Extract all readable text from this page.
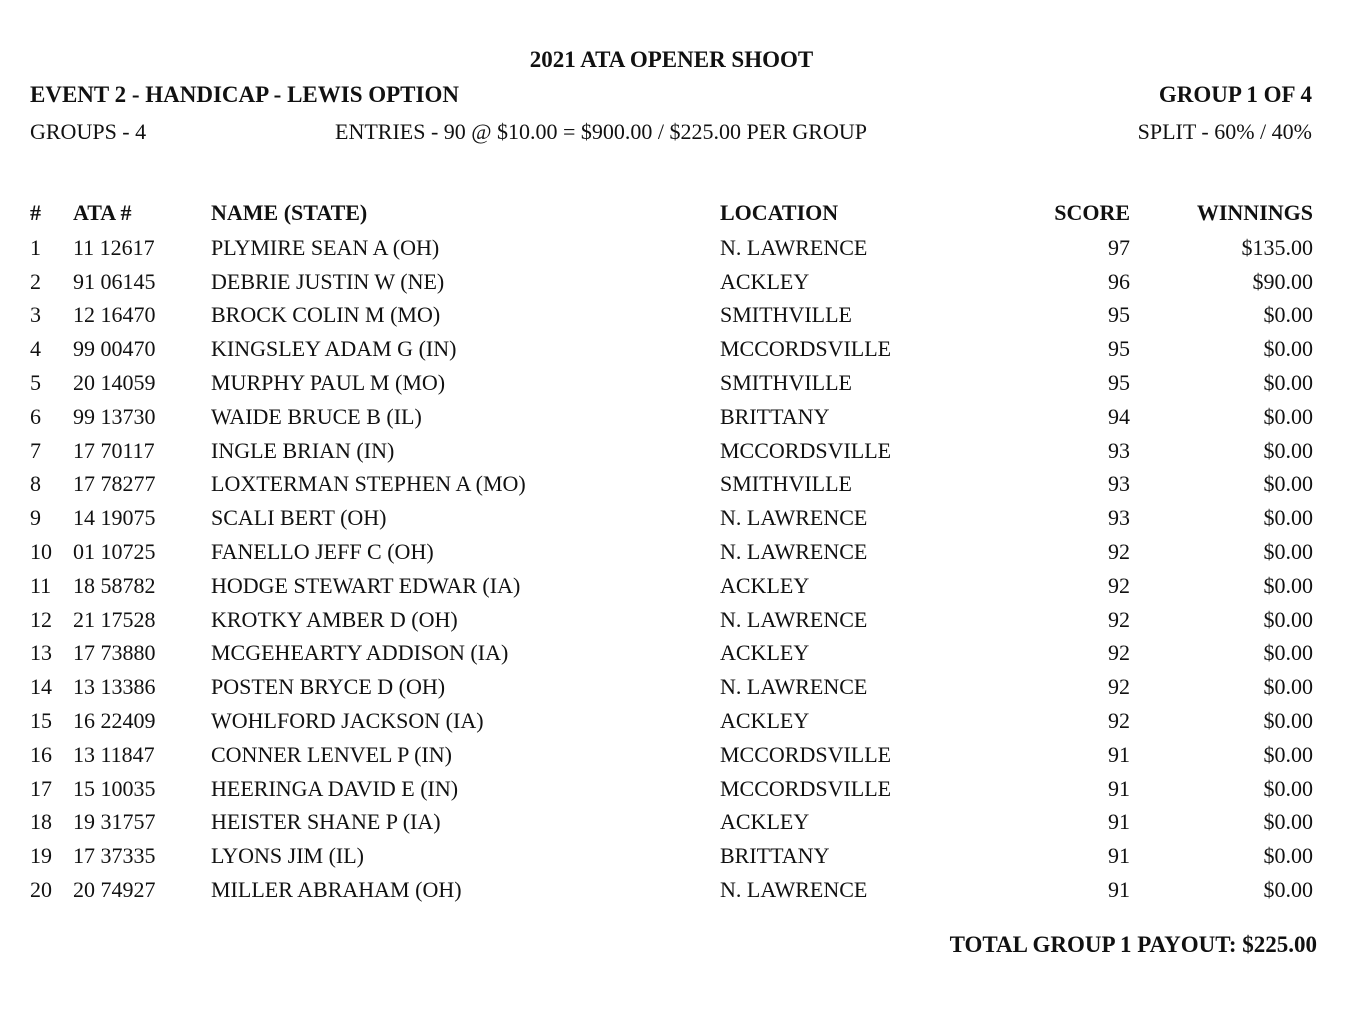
2021 ATA OPENER SHOOT
EVENT 2 - HANDICAP - LEWIS OPTION	GROUP 1 OF 4
GROUPS - 4	ENTRIES - 90 @ $10.00 = $900.00 / $225.00 PER GROUP	SPLIT - 60% / 40%
#	ATA #	NAME (STATE)	LOCATION	SCORE	WINNINGS
1	11 12617	PLYMIRE SEAN A (OH)	N. LAWRENCE	97	$135.00
2	91 06145	DEBRIE JUSTIN W (NE)	ACKLEY	96	$90.00
3	12 16470	BROCK COLIN M (MO)	SMITHVILLE	95	$0.00
4	99 00470	KINGSLEY ADAM G (IN)	MCCORDSVILLE	95	$0.00
5	20 14059	MURPHY PAUL M (MO)	SMITHVILLE	95	$0.00
6	99 13730	WAIDE BRUCE B (IL)	BRITTANY	94	$0.00
7	17 70117	INGLE BRIAN (IN)	MCCORDSVILLE	93	$0.00
8	17 78277	LOXTERMAN STEPHEN A (MO)	SMITHVILLE	93	$0.00
9	14 19075	SCALI BERT (OH)	N. LAWRENCE	93	$0.00
10	01 10725	FANELLO JEFF C (OH)	N. LAWRENCE	92	$0.00
11	18 58782	HODGE STEWART EDWAR (IA)	ACKLEY	92	$0.00
12	21 17528	KROTKY AMBER D (OH)	N. LAWRENCE	92	$0.00
13	17 73880	MCGEHEARTY ADDISON (IA)	ACKLEY	92	$0.00
14	13 13386	POSTEN BRYCE D (OH)	N. LAWRENCE	92	$0.00
15	16 22409	WOHLFORD JACKSON (IA)	ACKLEY	92	$0.00
16	13 11847	CONNER LENVEL P (IN)	MCCORDSVILLE	91	$0.00
17	15 10035	HEERINGA DAVID E (IN)	MCCORDSVILLE	91	$0.00
18	19 31757	HEISTER SHANE P (IA)	ACKLEY	91	$0.00
19	17 37335	LYONS JIM (IL)	BRITTANY	91	$0.00
20	20 74927	MILLER ABRAHAM (OH)	N. LAWRENCE	91	$0.00
TOTAL GROUP 1 PAYOUT: $225.00
